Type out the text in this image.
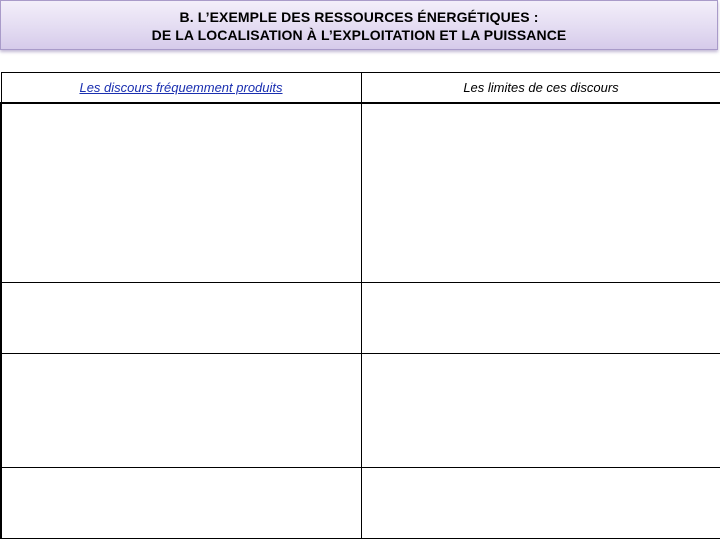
B. L’EXEMPLE DES RESSOURCES ÉNERGÉTIQUES :
DE LA LOCALISATION À L’EXPLOITATION ET LA PUISSANCE
Les discours fréquemment produits	Les limites de ces discours
